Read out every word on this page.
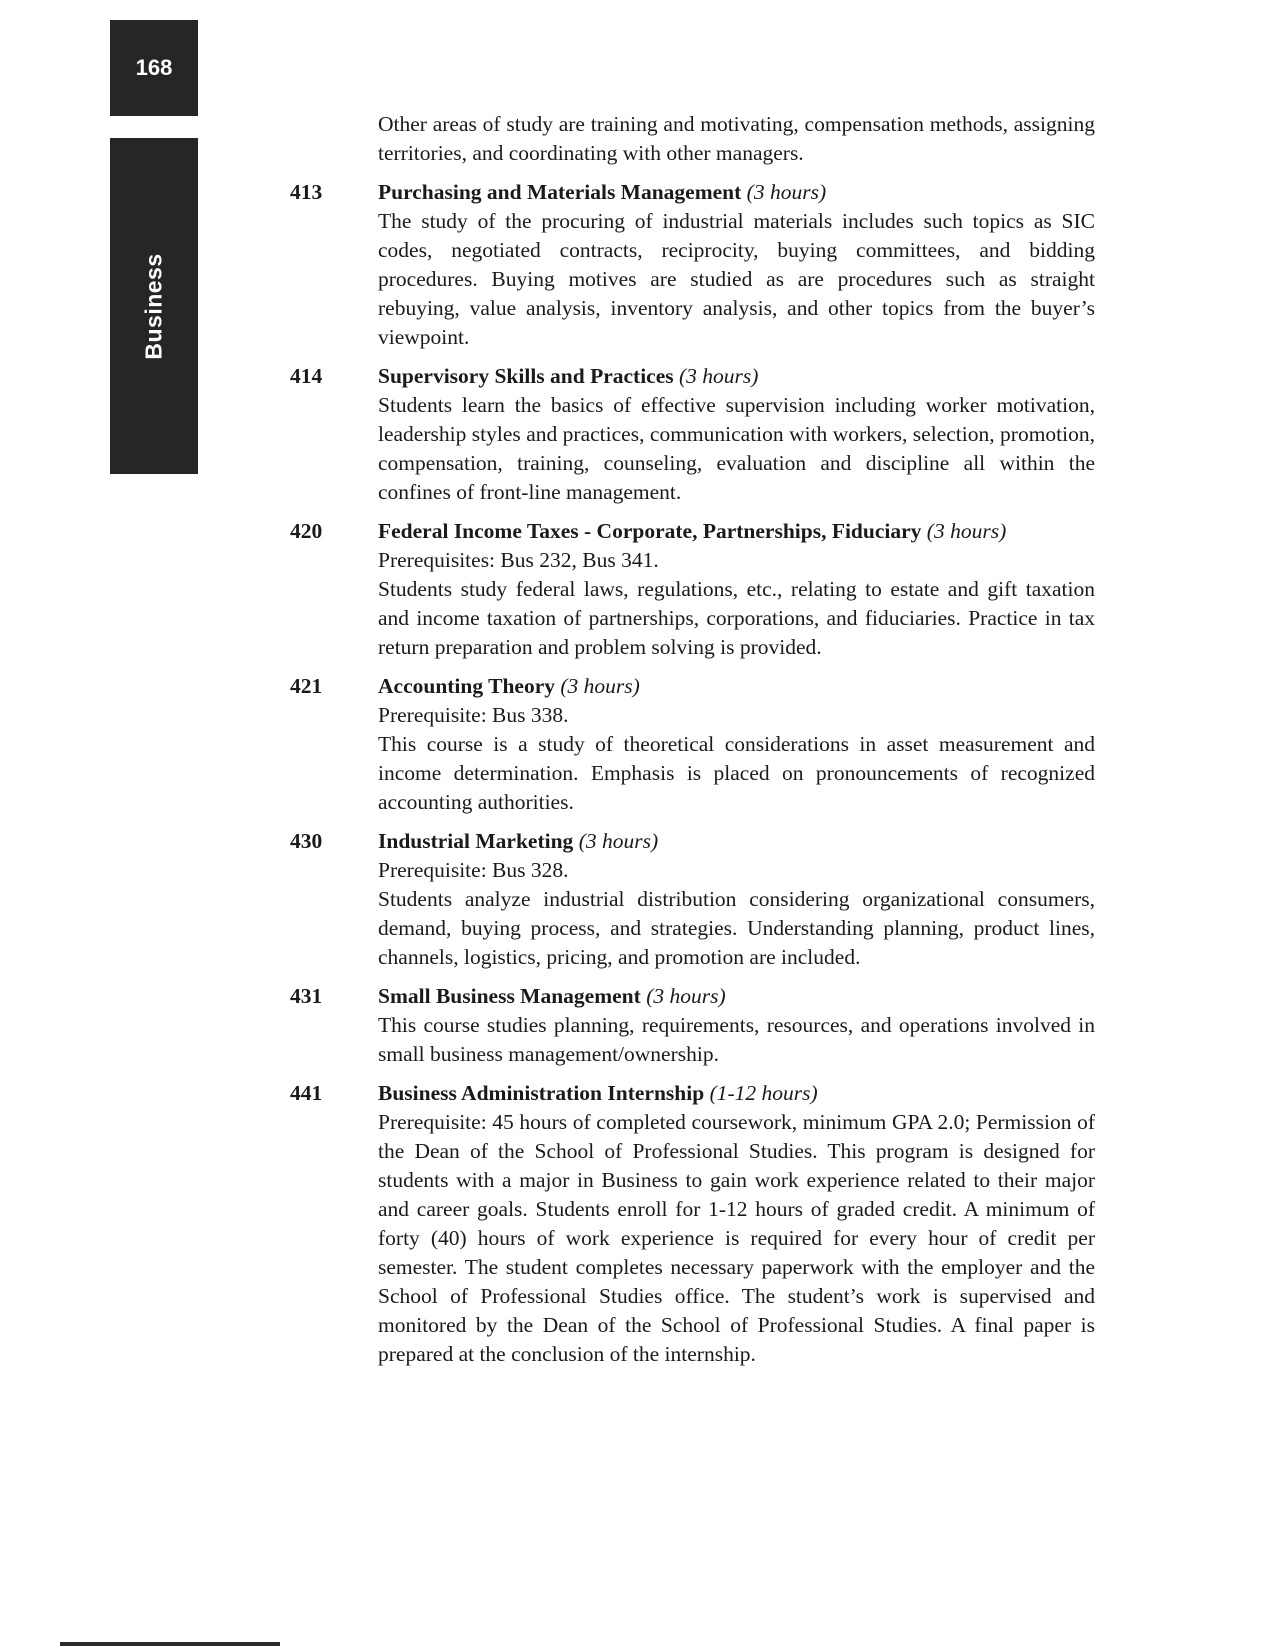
168
Business

Other areas of study are training and motivating, compensation methods, assigning territories, and coordinating with other managers.

413	Purchasing and Materials Management (3 hours)

The study of the procuring of industrial materials includes such topics as SIC codes, negotiated contracts, reciprocity, buying committees, and bidding procedures. Buying motives are studied as are procedures such as straight rebuying, value analysis, inventory analysis, and other topics from the buyer’s viewpoint.

414	Supervisory Skills and Practices (3 hours)

Students learn the basics of effective supervision including worker motivation, leadership styles and practices, communication with workers, selection, promotion, compensation, training, counseling, evaluation and discipline all within the confines of front-line management.

420	Federal Income Taxes - Corporate, Partnerships, Fiduciary (3 hours)

Prerequisites: Bus 232, Bus 341.

Students study federal laws, regulations, etc., relating to estate and gift taxation and income taxation of partnerships, corporations, and fiduciaries. Practice in tax return preparation and problem solving is provided.

421	Accounting Theory (3 hours)

Prerequisite: Bus 338.

This course is a study of theoretical considerations in asset measurement and income determination. Emphasis is placed on pronouncements of recognized accounting authorities.

430	Industrial Marketing (3 hours)

Prerequisite: Bus 328.

Students analyze industrial distribution considering organizational consumers, demand, buying process, and strategies. Understanding planning, product lines, channels, logistics, pricing, and promotion are included.

431	Small Business Management (3 hours)

This course studies planning, requirements, resources, and operations involved in small business management/ownership.

441	Business Administration Internship (1-12 hours)

Prerequisite: 45 hours of completed coursework, minimum GPA 2.0; Permission of the Dean of the School of Professional Studies. This program is designed for students with a major in Business to gain work experience related to their major and career goals. Students enroll for 1-12 hours of graded credit. A minimum of forty (40) hours of work experience is required for every hour of credit per semester. The student completes necessary paperwork with the employer and the School of Professional Studies office. The student’s work is supervised and monitored by the Dean of the School of Professional Studies. A final paper is prepared at the conclusion of the internship.
